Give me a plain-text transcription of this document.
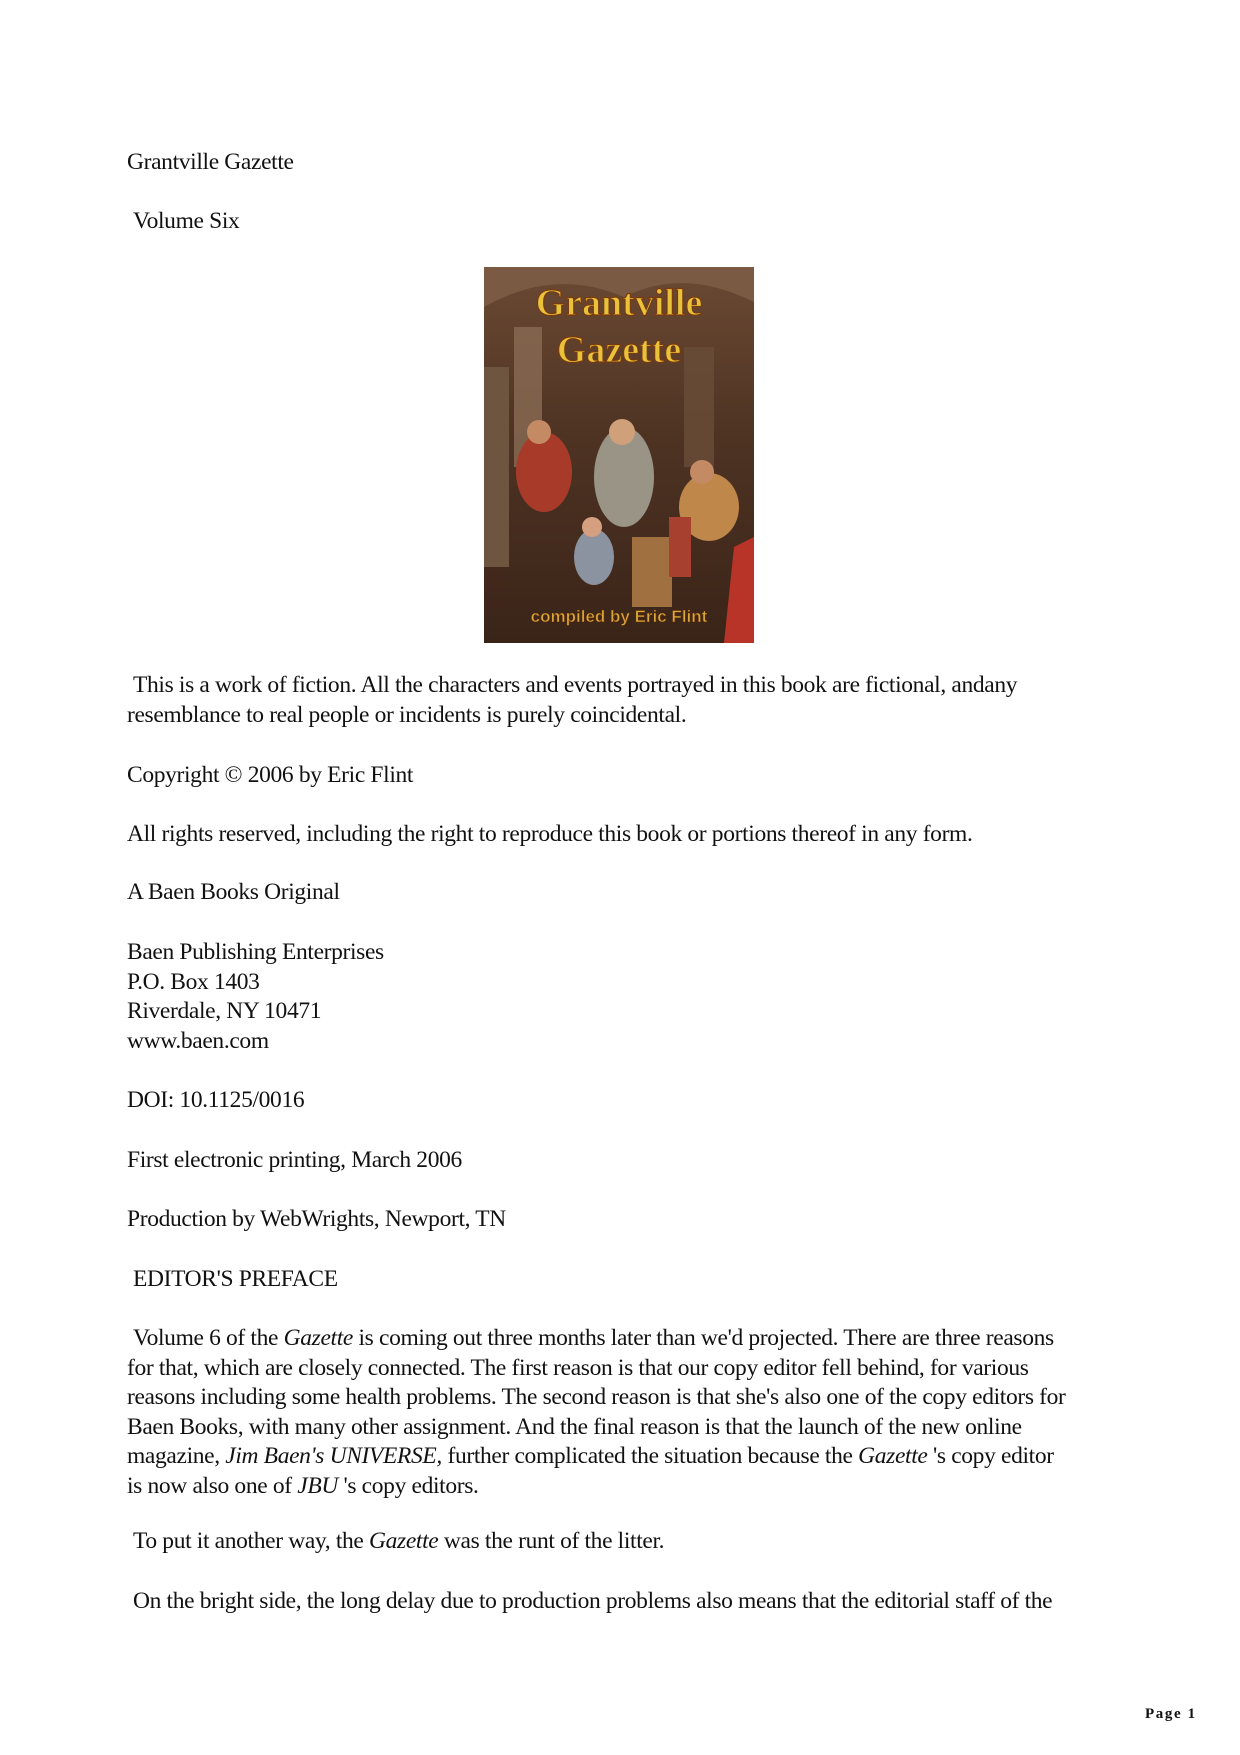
Grantville Gazette

Volume Six

Grantville
Gazette
compiled by Eric Flint
This is a work of fiction. All the characters and events portrayed in this book are fictional, andany
resemblance to real people or incidents is purely coincidental.

Copyright © 2006 by Eric Flint

All rights reserved, including the right to reproduce this book or portions thereof in any form.

A Baen Books Original

Baen Publishing Enterprises
P.O. Box 1403
Riverdale, NY 10471
www.baen.com

DOI: 10.1125/0016

First electronic printing, March 2006

Production by WebWrights, Newport, TN

EDITOR'S PREFACE

Volume 6 of the Gazette is coming out three months later than we'd projected. There are three reasons
for that, which are closely connected. The first reason is that our copy editor fell behind, for various
reasons including some health problems. The second reason is that she's also one of the copy editors for
Baen Books, with many other assignment. And the final reason is that the launch of the new online
magazine, Jim Baen's UNIVERSE, further complicated the situation because the Gazette 's copy editor
is now also one of JBU 's copy editors.

To put it another way, the Gazette was the runt of the litter.

On the bright side, the long delay due to production problems also means that the editorial staff of the

Page 1
